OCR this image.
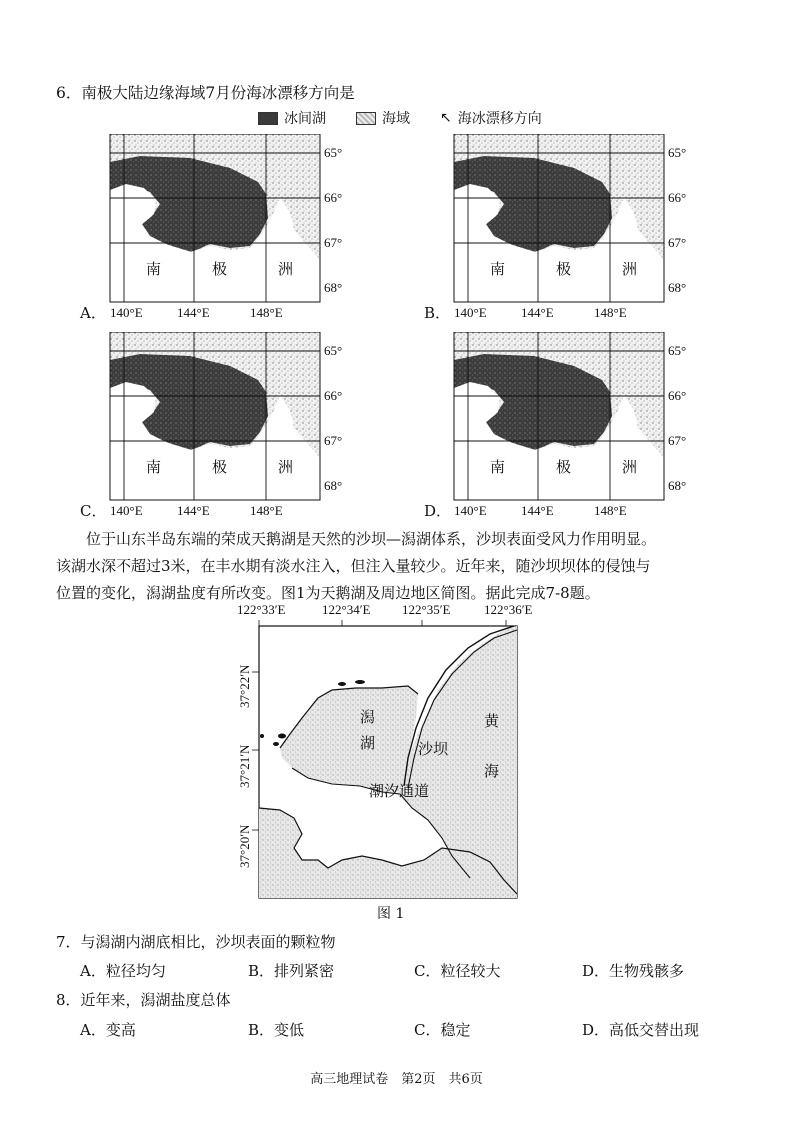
6．南极大陆边缘海域7月份海冰漂移方向是
冰间湖	海域 ↖ 海冰漂移方向
65°
66°
67°
68°
140°E	144°E	148°E
南	极	洲
A．
65°
66°
67°
68°
140°E	144°E	148°E
南	极	洲
B．
65°
66°
67°
68°
140°E	144°E	148°E
南	极	洲
C．
65°
66°
67°
68°
140°E	144°E	148°E
南	极	洲
D．

位于山东半岛东端的荣成天鹅湖是天然的沙坝—潟湖体系，沙坝表面受风力作用明显。

该湖水深不超过3米，在丰水期有淡水注入，但注入量较少。近年来，随沙坝坝体的侵蚀与

位置的变化，潟湖盐度有所改变。图1为天鹅湖及周边地区简图。据此完成7-8题。

122°33′E	122°34′E 122°35′E	122°36′E
37°22′N
37°21′N
37°20′N
潟
湖
黄
海
沙坝
潮汐通道
图 1
7．与潟湖内湖底相比，沙坝表面的颗粒物
A．粒径均匀	B．排列紧密	C．粒径较大	D．生物残骸多
8．近年来，潟湖盐度总体
A．变高	B．变低	C．稳定	D．高低交替出现
高三地理试卷　第2页　共6页
